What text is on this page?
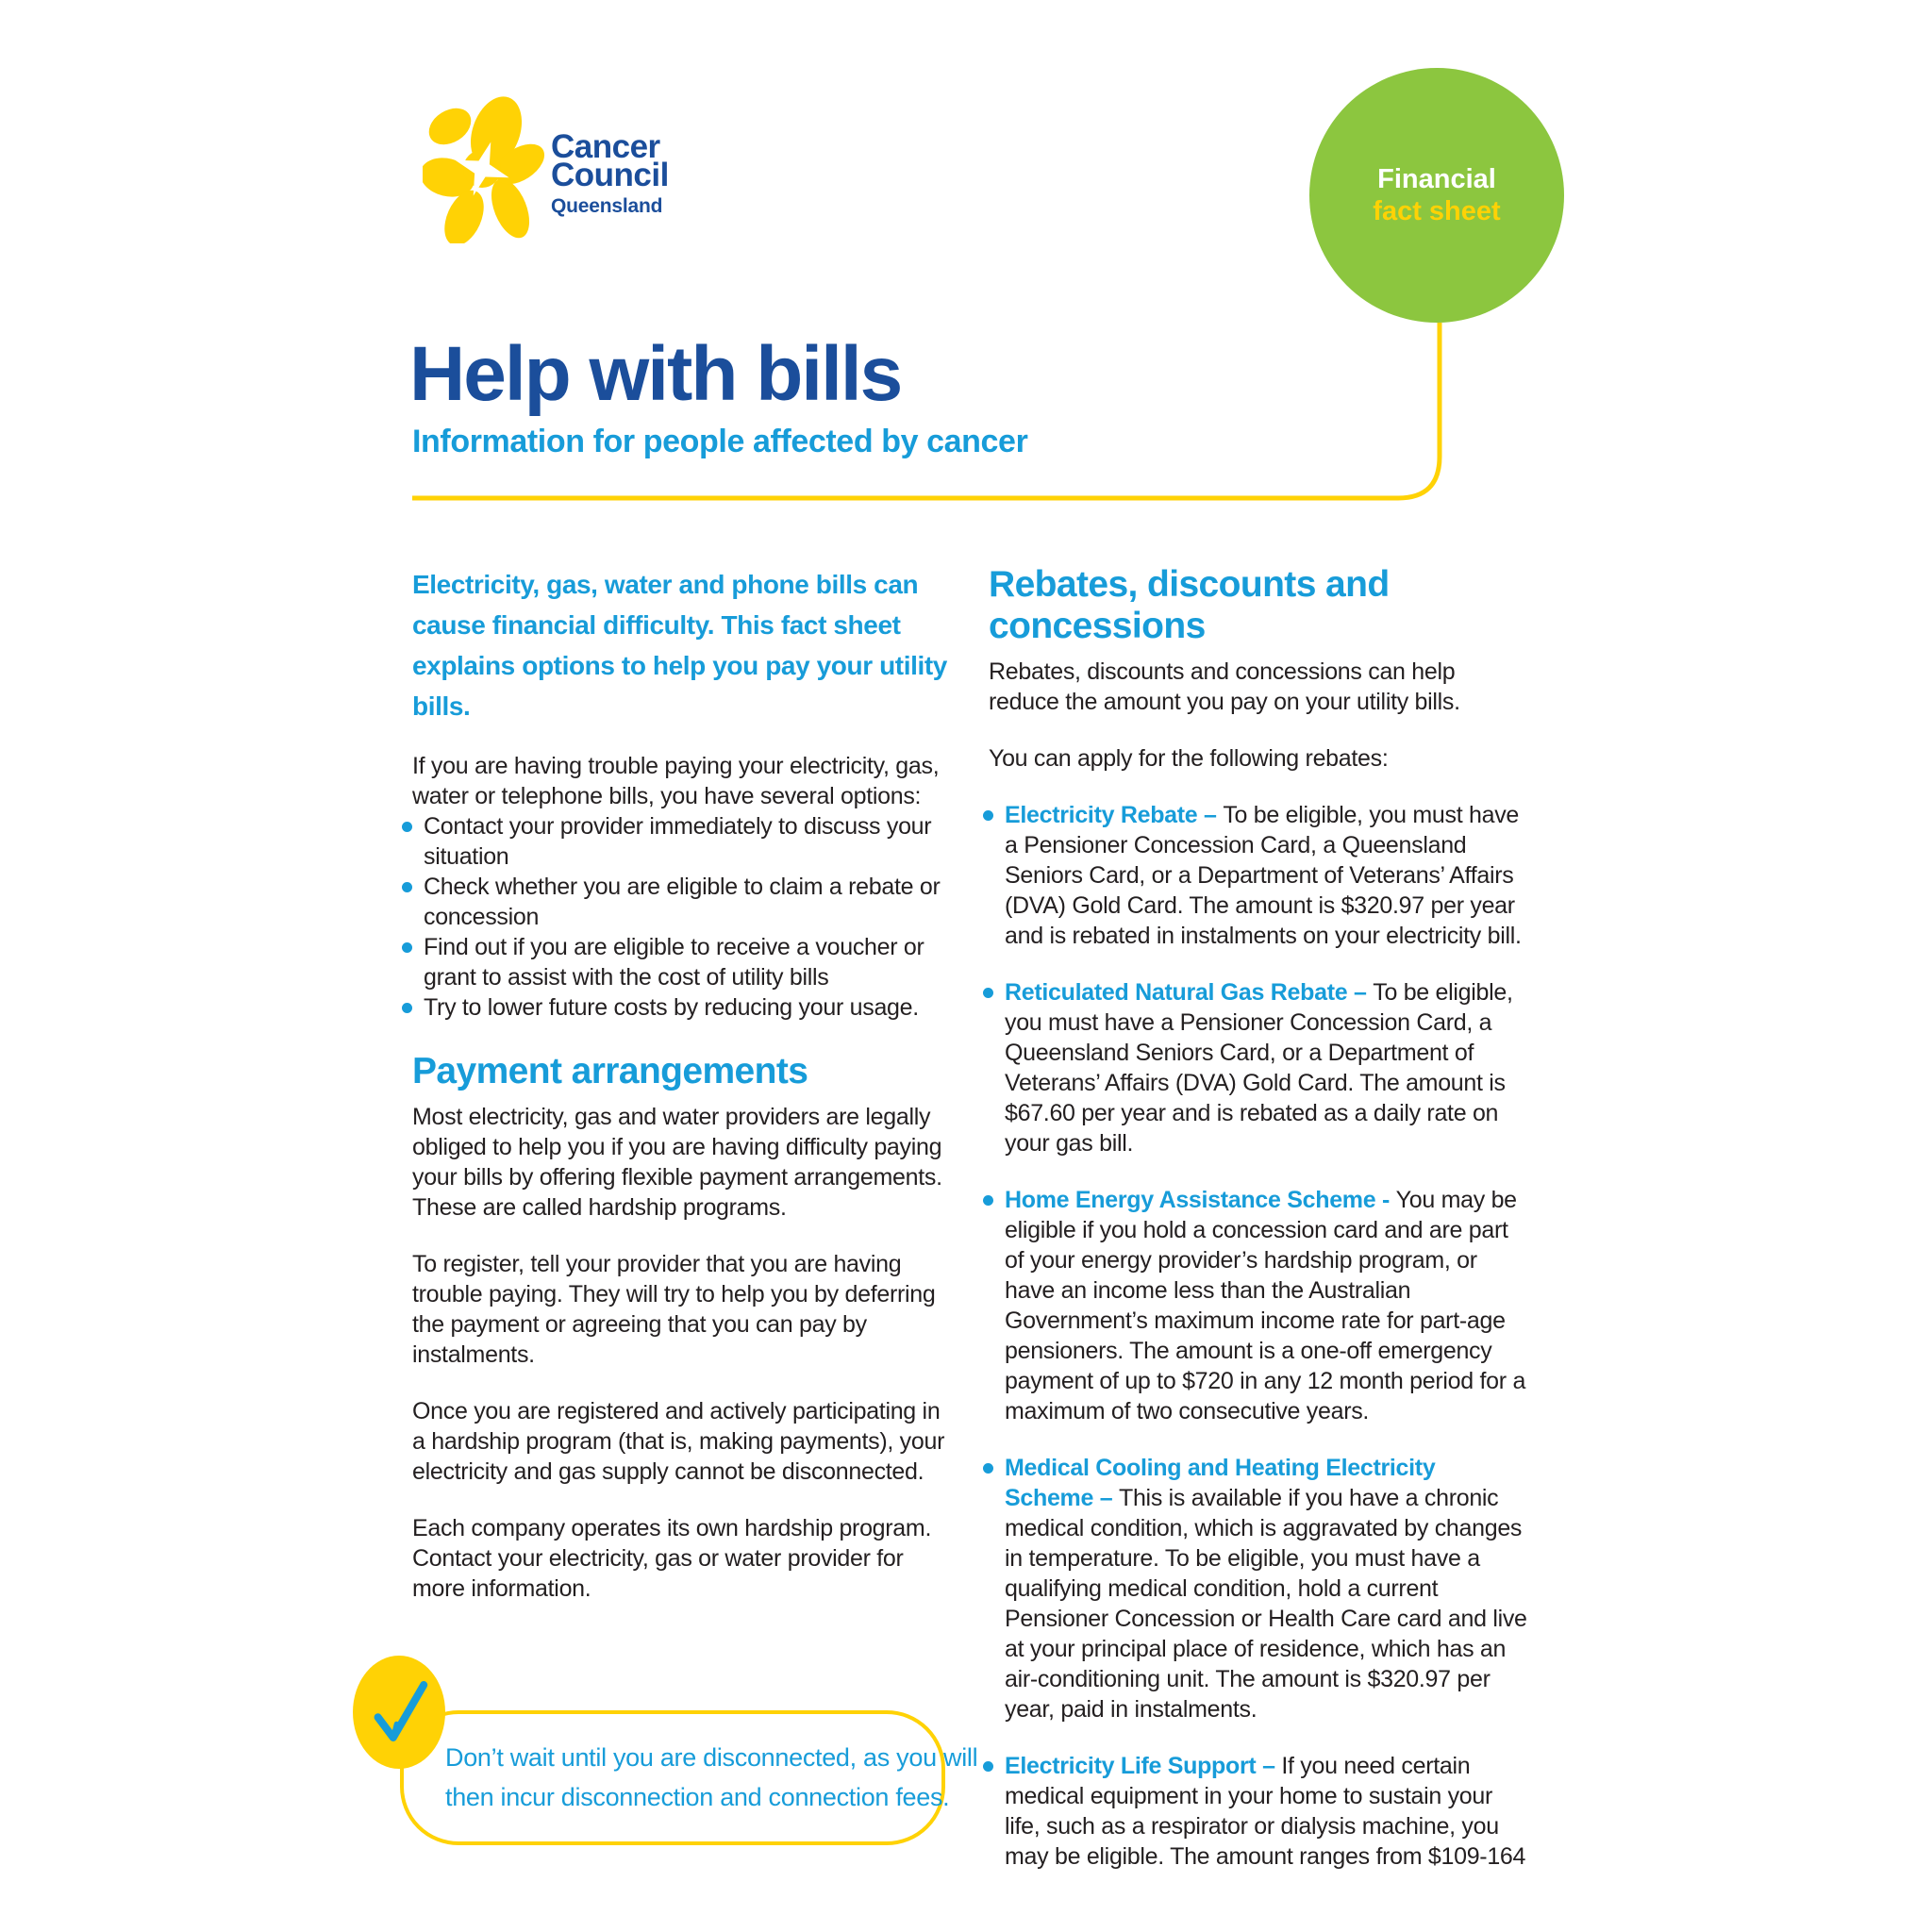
Cancer
Council
Queensland
Financial
fact sheet
Help with bills
Information for people affected by cancer

Electricity, gas, water and phone bills can cause financial difficulty. This fact sheet explains options to help you pay your utility bills.

If you are having trouble paying your electricity, gas, water or telephone bills, you have several options:

Contact your provider immediately to discuss your situation
Check whether you are eligible to claim a rebate or concession
Find out if you are eligible to receive a voucher or grant to assist with the cost of utility bills
Try to lower future costs by reducing your usage.
Payment arrangements

Most electricity, gas and water providers are legally obliged to help you if you are having difficulty paying your bills by offering flexible payment arrangements. These are called hardship programs.

To register, tell your provider that you are having trouble paying. They will try to help you by deferring the payment or agreeing that you can pay by instalments.

Once you are registered and actively participating in a hardship program (that is, making payments), your electricity and gas supply cannot be disconnected.

Each company operates its own hardship program. Contact your electricity, gas or water provider for more information.

Rebates, discounts and concessions

Rebates, discounts and concessions can help reduce the amount you pay on your utility bills.

You can apply for the following rebates:

Electricity Rebate – To be eligible, you must have a Pensioner Concession Card, a Queensland Seniors Card, or a Department of Veterans’ Affairs (DVA) Gold Card. The amount is $320.97 per year and is rebated in instalments on your electricity bill.
Reticulated Natural Gas Rebate – To be eligible, you must have a Pensioner Concession Card, a Queensland Seniors Card, or a Department of Veterans’ Affairs (DVA) Gold Card. The amount is $67.60 per year and is rebated as a daily rate on your gas bill.
Home Energy Assistance Scheme - You may be eligible if you hold a concession card and are part of your energy provider’s hardship program, or have an income less than the Australian Government’s maximum income rate for part-age pensioners. The amount is a one-off emergency payment of up to $720 in any 12 month period for a maximum of two consecutive years.
Medical Cooling and Heating Electricity Scheme – This is available if you have a chronic medical condition, which is aggravated by changes in temperature. To be eligible, you must have a qualifying medical condition, hold a current Pensioner Concession or Health Care card and live at your principal place of residence, which has an air-conditioning unit. The amount is $320.97 per year, paid in instalments.
Electricity Life Support – If you need certain medical equipment in your home to sustain your life, such as a respirator or dialysis machine, you may be eligible. The amount ranges from $109-164
Don’t wait until you are disconnected, as you will
then incur disconnection and connection fees.
